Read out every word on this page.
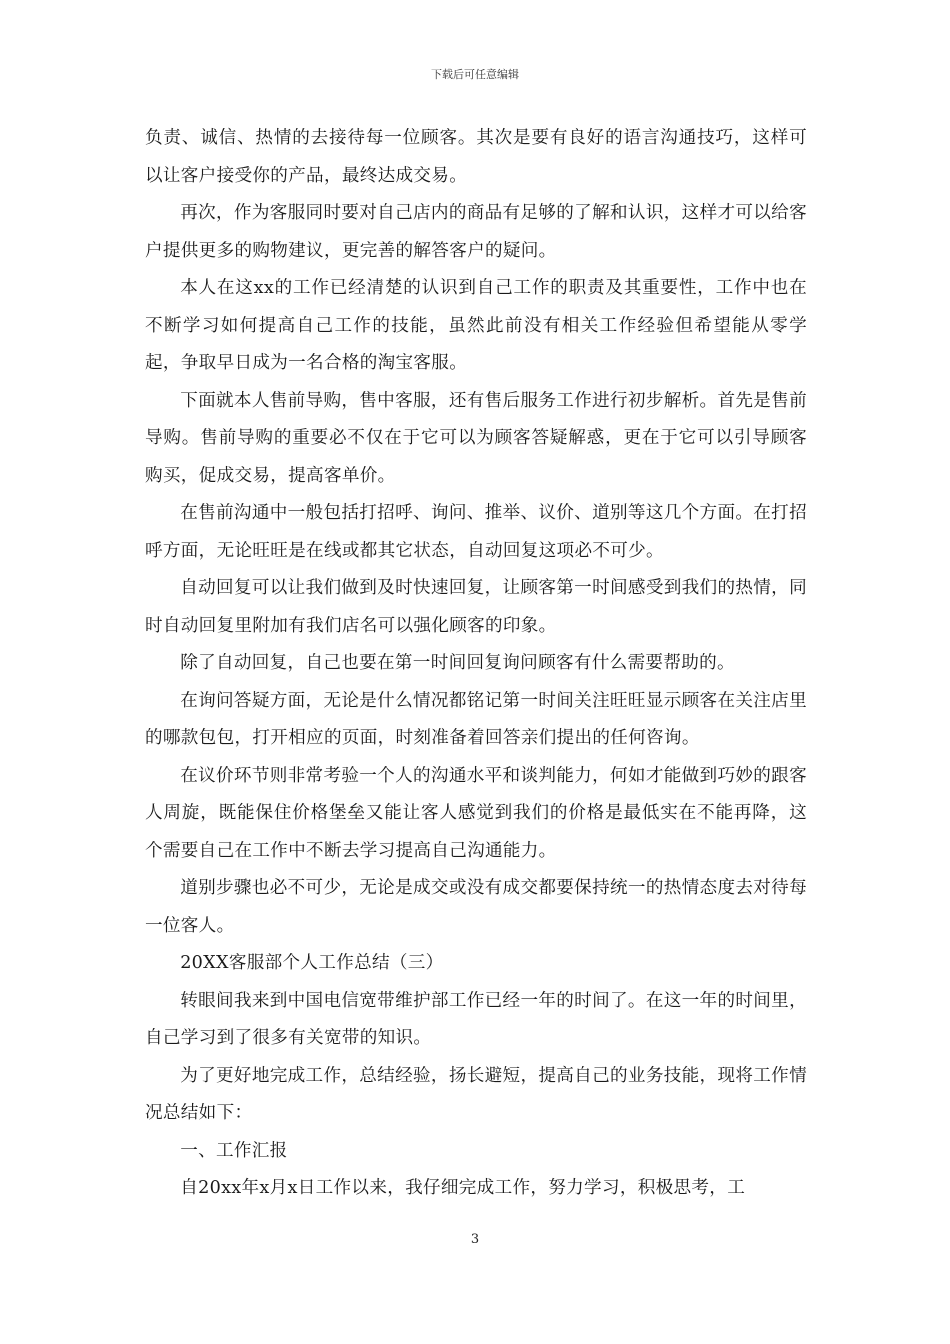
下载后可任意编辑

负责、诚信、热情的去接待每一位顾客。其次是要有良好的语言沟通技巧，这样可以让客户接受你的产品，最终达成交易。

再次，作为客服同时要对自己店内的商品有足够的了解和认识，这样才可以给客户提供更多的购物建议，更完善的解答客户的疑问。

本人在这xx的工作已经清楚的认识到自己工作的职责及其重要性，工作中也在不断学习如何提高自己工作的技能，虽然此前没有相关工作经验但希望能从零学起，争取早日成为一名合格的淘宝客服。

下面就本人售前导购，售中客服，还有售后服务工作进行初步解析。首先是售前导购。售前导购的重要必不仅在于它可以为顾客答疑解惑，更在于它可以引导顾客购买，促成交易，提高客单价。

在售前沟通中一般包括打招呼、询问、推举、议价、道别等这几个方面。在打招呼方面，无论旺旺是在线或都其它状态，自动回复这项必不可少。

自动回复可以让我们做到及时快速回复，让顾客第一时间感受到我们的热情，同时自动回复里附加有我们店名可以强化顾客的印象。

除了自动回复，自己也要在第一时间回复询问顾客有什么需要帮助的。

在询问答疑方面，无论是什么情况都铭记第一时间关注旺旺显示顾客在关注店里的哪款包包，打开相应的页面，时刻准备着回答亲们提出的任何咨询。

在议价环节则非常考验一个人的沟通水平和谈判能力，何如才能做到巧妙的跟客人周旋，既能保住价格堡垒又能让客人感觉到我们的价格是最低实在不能再降，这个需要自己在工作中不断去学习提高自己沟通能力。

道别步骤也必不可少，无论是成交或没有成交都要保持统一的热情态度去对待每一位客人。

20XX客服部个人工作总结（三）

转眼间我来到中国电信宽带维护部工作已经一年的时间了。在这一年的时间里，自己学习到了很多有关宽带的知识。

为了更好地完成工作，总结经验，扬长避短，提高自己的业务技能，现将工作情况总结如下：

一、工作汇报

自20xx年x月x日工作以来，我仔细完成工作，努力学习，积极思考，工

3
